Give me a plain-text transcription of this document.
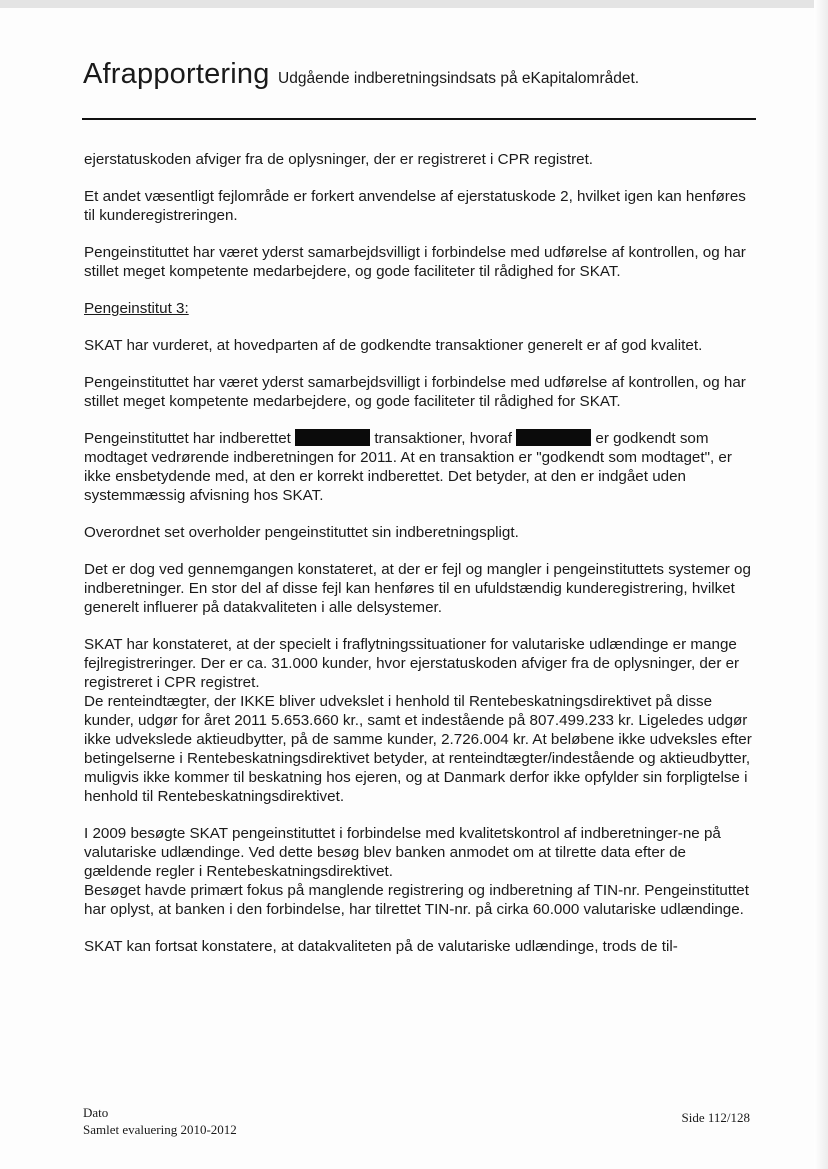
Afrapportering Udgående indberetningsindsats på eKapitalområdet.

ejerstatuskoden afviger fra de oplysninger, der er registreret i CPR registret.

Et andet væsentligt fejlområde er forkert anvendelse af ejerstatuskode 2, hvilket igen kan henføres til kunderegistreringen.

Pengeinstituttet har været yderst samarbejdsvilligt i forbindelse med udførelse af kontrollen, og har stillet meget kompetente medarbejdere, og gode faciliteter til rådighed for SKAT.

Pengeinstitut 3:

SKAT har vurderet, at hovedparten af de godkendte transaktioner generelt er af god kvalitet.

Pengeinstituttet har været yderst samarbejdsvilligt i forbindelse med udførelse af kontrollen, og har stillet meget kompetente medarbejdere, og gode faciliteter til rådighed for SKAT.

Pengeinstituttet har indberettet	transaktioner, hvoraf	er godkendt som modtaget vedrørende indberetningen for 2011. At en transaktion er "godkendt som modtaget", er ikke ensbetydende med, at den er korrekt indberettet. Det betyder, at den er indgået uden systemmæssig afvisning hos SKAT.

Overordnet set overholder pengeinstituttet sin indberetningspligt.

Det er dog ved gennemgangen konstateret, at der er fejl og mangler i pengeinstituttets systemer og indberetninger. En stor del af disse fejl kan henføres til en ufuldstændig kunderegistrering, hvilket generelt influerer på datakvaliteten i alle delsystemer.

SKAT har konstateret, at der specielt i fraflytningssituationer for valutariske udlændinge er mange fejlregistreringer. Der er ca. 31.000 kunder, hvor ejerstatuskoden afviger fra de oplysninger, der er registreret i CPR registret.

De renteindtægter, der IKKE bliver udvekslet i henhold til Rentebeskatningsdirektivet på disse kunder, udgør for året 2011 5.653.660 kr., samt et indestående på 807.499.233 kr. Ligeledes udgør ikke udvekslede aktieudbytter, på de samme kunder, 2.726.004 kr. At beløbene ikke udveksles efter betingelserne i Rentebeskatningsdirektivet betyder, at renteindtægter/indestående og aktieudbytter, muligvis ikke kommer til beskatning hos ejeren, og at Danmark derfor ikke opfylder sin forpligtelse i henhold til Rentebeskatningsdirektivet.

I 2009 besøgte SKAT pengeinstituttet i forbindelse med kvalitetskontrol af indberetninger-ne på valutariske udlændinge. Ved dette besøg blev banken anmodet om at tilrette data efter de gældende regler i Rentebeskatningsdirektivet.

Besøget havde primært fokus på manglende registrering og indberetning af TIN-nr. Pengeinstituttet har oplyst, at banken i den forbindelse, har tilrettet TIN-nr. på cirka 60.000 valutariske udlændinge.

SKAT kan fortsat konstatere, at datakvaliteten på de valutariske udlændinge, trods de til-

Dato
Samlet evaluering 2010-2012
Side 112/128
